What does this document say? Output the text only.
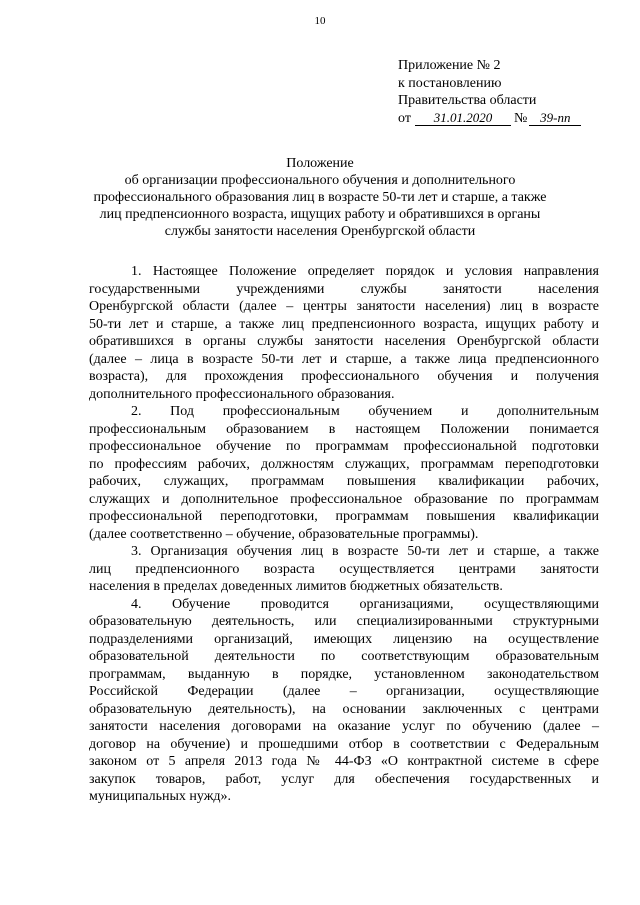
10
Приложение № 2
к постановлению
Правительства области
от 31.01.2020 № 39-пп
Положение
об организации профессионального обучения и дополнительного
профессионального образования лиц в возрасте 50-ти лет и старше, а также
лиц предпенсионного возраста, ищущих работу и обратившихся в органы
службы занятости населения Оренбургской области

1. Настоящее Положение определяет порядок и условия направления

государственными учреждениями службы занятости населения

Оренбургской области (далее – центры занятости населения) лиц в возрасте

50-ти лет и старше, а также лиц предпенсионного возраста, ищущих работу и

обратившихся в органы службы занятости населения Оренбургской области

(далее – лица в возрасте 50-ти лет и старше, а также лица предпенсионного

возраста), для прохождения профессионального обучения и получения

дополнительного профессионального образования.

2. Под профессиональным обучением и дополнительным

профессиональным образованием в настоящем Положении понимается

профессиональное обучение по программам профессиональной подготовки

по профессиям рабочих, должностям служащих, программам переподготовки

рабочих, служащих, программам повышения квалификации рабочих,

служащих и дополнительное профессиональное образование по программам

профессиональной переподготовки, программам повышения квалификации

(далее соответственно – обучение, образовательные программы).

3. Организация обучения лиц в возрасте 50-ти лет и старше, а также

лиц предпенсионного возраста осуществляется центрами занятости

населения в пределах доведенных лимитов бюджетных обязательств.

4. Обучение проводится организациями, осуществляющими

образовательную деятельность, или специализированными структурными

подразделениями организаций, имеющих лицензию на осуществление

образовательной деятельности по соответствующим образовательным

программам, выданную в порядке, установленном законодательством

Российской Федерации (далее – организации, осуществляющие

образовательную деятельность), на основании заключенных с центрами

занятости населения договорами на оказание услуг по обучению (далее –

договор на обучение) и прошедшими отбор в соответствии с Федеральным

законом от 5 апреля 2013 года № 44-ФЗ «О контрактной системе в сфере

закупок товаров, работ, услуг для обеспечения государственных и

муниципальных нужд».
